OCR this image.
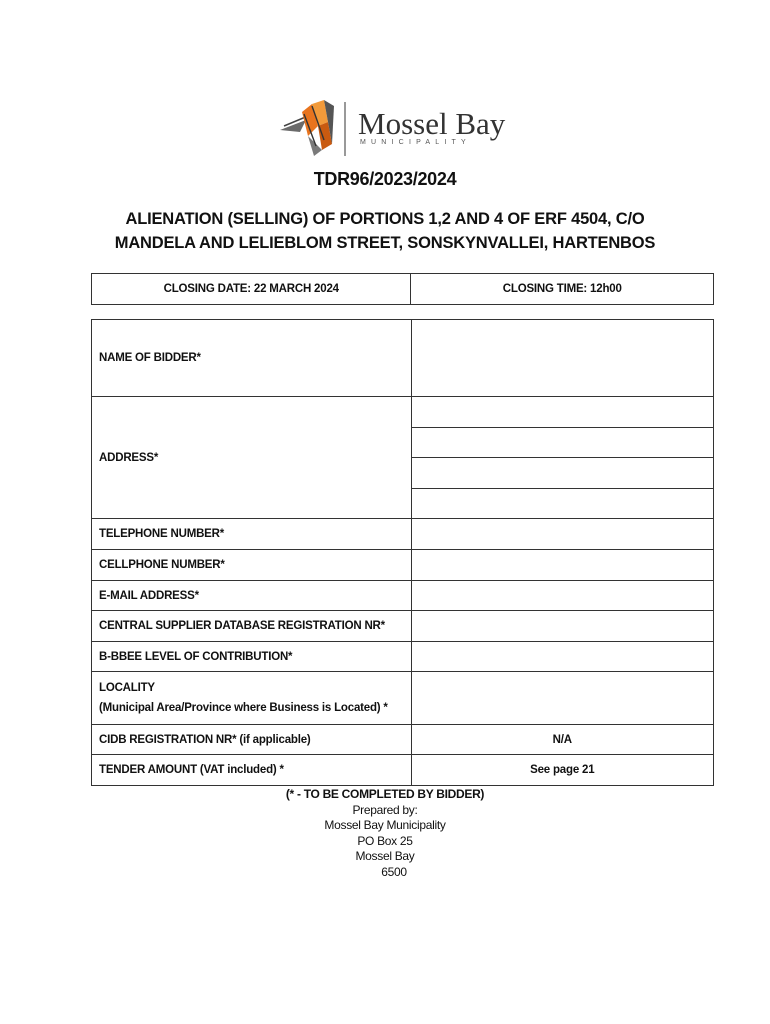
Mossel Bay
MUNICIPALITY
TDR96/2023/2024
ALIENATION (SELLING) OF PORTIONS 1,2 AND 4 OF ERF 4504, C/O
MANDELA AND LELIEBLOM STREET, SONSKYNVALLEI, HARTENBOS
CLOSING DATE: 22 MARCH 2024	CLOSING TIME: 12h00
NAME OF BIDDER*	
ADDRESS*	

TELEPHONE NUMBER*	
CELLPHONE NUMBER*	
E-MAIL ADDRESS*	
CENTRAL SUPPLIER DATABASE REGISTRATION NR*	
B-BBEE LEVEL OF CONTRIBUTION*	
LOCALITY
(Municipal Area/Province where Business is Located) *	

CIDB REGISTRATION NR* (if applicable)	N/A
TENDER AMOUNT (VAT included) *	See page 21
(* - TO BE COMPLETED BY BIDDER)
Prepared by:
Mossel Bay Municipality
PO Box 25
Mossel Bay
6500
